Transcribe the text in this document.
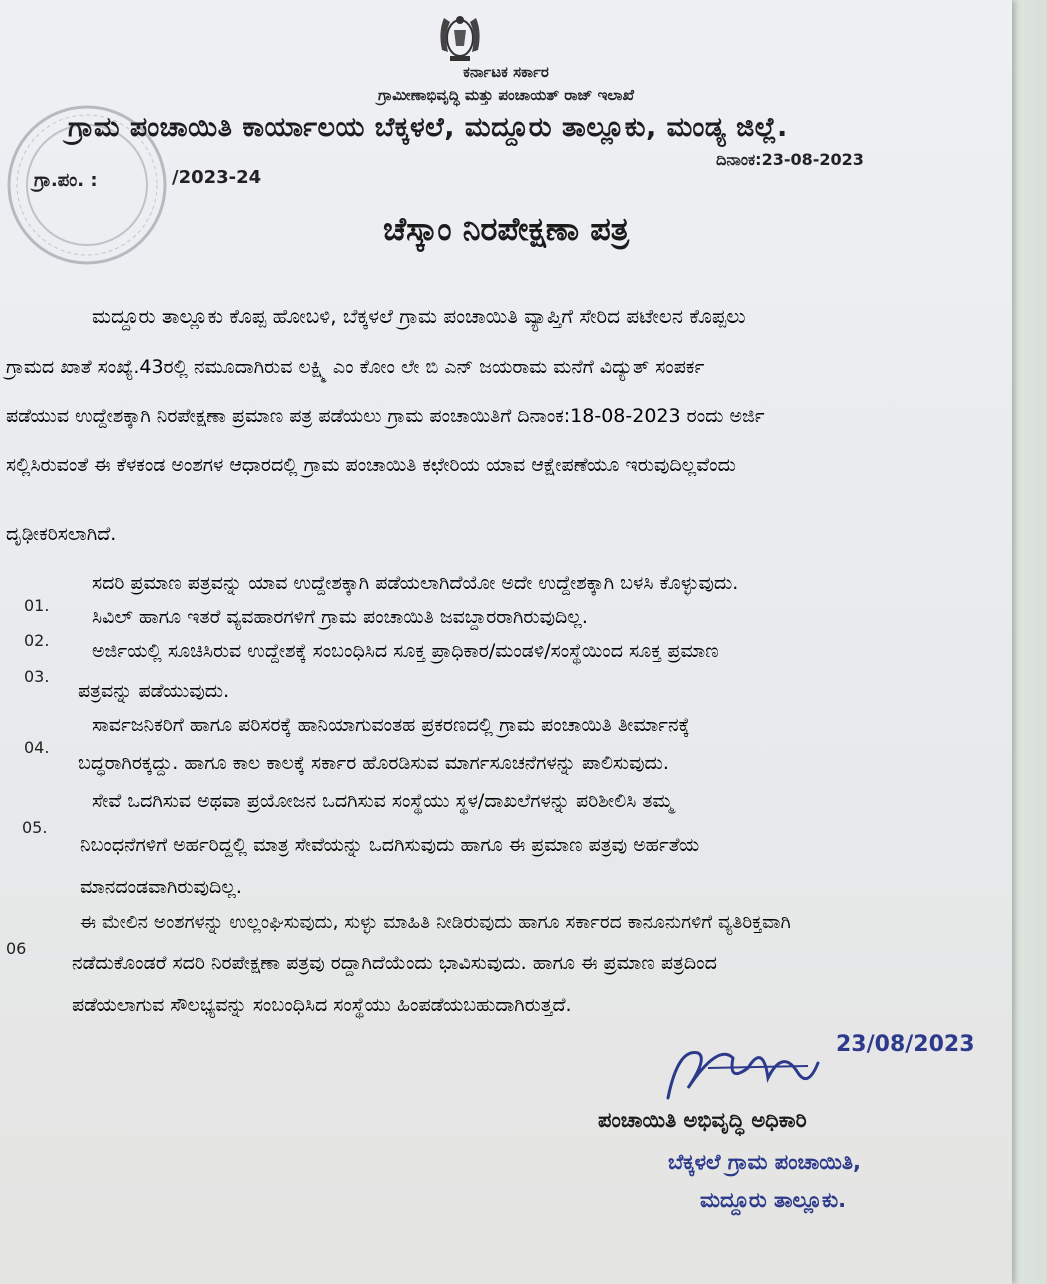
ಕರ್ನಾಟಕ ಸರ್ಕಾರ
ಗ್ರಾಮೀಣಾಭಿವೃದ್ಧಿ ಮತ್ತು ಪಂಚಾಯತ್ ರಾಜ್ ಇಲಾಖೆ
ಗ್ರಾಮ ಪಂಚಾಯಿತಿ ಕಾರ್ಯಾಲಯ ಬೆಕ್ಕಳಲೆ, ಮದ್ದೂರು ತಾಲ್ಲೂಕು, ಮಂಡ್ಯ ಜಿಲ್ಲೆ.
ದಿನಾಂಕ:23-08-2023
ಗ್ರಾ.ಪಂ. :	/2023-24
ಚೆಸ್ಕಾಂ ನಿರಪೇಕ್ಷಣಾ ಪತ್ರ
ಮದ್ದೂರು ತಾಲ್ಲೂಕು ಕೊಪ್ಪ ಹೋಬಳಿ, ಬೆಕ್ಕಳಲೆ ಗ್ರಾಮ ಪಂಚಾಯಿತಿ ವ್ಯಾಪ್ತಿಗೆ ಸೇರಿದ ಪಟೇಲನ ಕೊಪ್ಪಲು
ಗ್ರಾಮದ ಖಾತೆ ಸಂಖ್ಯೆ.43ರಲ್ಲಿ ನಮೂದಾಗಿರುವ ಲಕ್ಷ್ಮಿ ಎಂ ಕೋಂ ಲೇ ಬಿ ಎನ್ ಜಯರಾಮ ಮನೆಗೆ ವಿದ್ಯುತ್ ಸಂಪರ್ಕ
ಪಡೆಯುವ ಉದ್ದೇಶಕ್ಕಾಗಿ ನಿರಪೇಕ್ಷಣಾ ಪ್ರಮಾಣ ಪತ್ರ ಪಡೆಯಲು ಗ್ರಾಮ ಪಂಚಾಯಿತಿಗೆ ದಿನಾಂಕ:18-08-2023 ರಂದು ಅರ್ಜಿ
ಸಲ್ಲಿಸಿರುವಂತೆ ಈ ಕೆಳಕಂಡ ಅಂಶಗಳ ಆಧಾರದಲ್ಲಿ ಗ್ರಾಮ ಪಂಚಾಯಿತಿ ಕಛೇರಿಯ ಯಾವ ಆಕ್ಷೇಪಣೆಯೂ ಇರುವುದಿಲ್ಲವೆಂದು
ದೃಢೀಕರಿಸಲಾಗಿದೆ.
01.
ಸದರಿ ಪ್ರಮಾಣ ಪತ್ರವನ್ನು ಯಾವ ಉದ್ದೇಶಕ್ಕಾಗಿ ಪಡೆಯಲಾಗಿದೆಯೋ ಅದೇ ಉದ್ದೇಶಕ್ಕಾಗಿ ಬಳಸಿ ಕೊಳ್ಳುವುದು.
02.
ಸಿವಿಲ್ ಹಾಗೂ ಇತರೆ ವ್ಯವಹಾರಗಳಿಗೆ ಗ್ರಾಮ ಪಂಚಾಯಿತಿ ಜವಬ್ದಾರರಾಗಿರುವುದಿಲ್ಲ.
03.
ಅರ್ಜಿಯಲ್ಲಿ ಸೂಚಿಸಿರುವ ಉದ್ದೇಶಕ್ಕೆ ಸಂಬಂಧಿಸಿದ ಸೂಕ್ತ ಪ್ರಾಧಿಕಾರ/ಮಂಡಳಿ/ಸಂಸ್ಥೆಯಿಂದ ಸೂಕ್ತ ಪ್ರಮಾಣ
ಪತ್ರವನ್ನು ಪಡೆಯುವುದು.
04.
ಸಾರ್ವಜನಿಕರಿಗೆ ಹಾಗೂ ಪರಿಸರಕ್ಕೆ ಹಾನಿಯಾಗುವಂತಹ ಪ್ರಕರಣದಲ್ಲಿ ಗ್ರಾಮ ಪಂಚಾಯಿತಿ ತೀರ್ಮಾನಕ್ಕೆ
ಬದ್ಧರಾಗಿರಕ್ಕದ್ದು. ಹಾಗೂ ಕಾಲ ಕಾಲಕ್ಕೆ ಸರ್ಕಾರ ಹೊರಡಿಸುವ ಮಾರ್ಗಸೂಚನೆಗಳನ್ನು ಪಾಲಿಸುವುದು.
05.
ಸೇವೆ ಒದಗಿಸುವ ಅಥವಾ ಪ್ರಯೋಜನ ಒದಗಿಸುವ ಸಂಸ್ಥೆಯು ಸ್ಥಳ/ದಾಖಲೆಗಳನ್ನು ಪರಿಶೀಲಿಸಿ ತಮ್ಮ
ನಿಬಂಧನೆಗಳಿಗೆ ಅರ್ಹರಿದ್ದಲ್ಲಿ ಮಾತ್ರ ಸೇವೆಯನ್ನು ಒದಗಿಸುವುದು ಹಾಗೂ ಈ ಪ್ರಮಾಣ ಪತ್ರವು ಅರ್ಹತೆಯ
ಮಾನದಂಡವಾಗಿರುವುದಿಲ್ಲ.
06
ಈ ಮೇಲಿನ ಅಂಶಗಳನ್ನು ಉಲ್ಲಂಘಿಸುವುದು, ಸುಳ್ಳು ಮಾಹಿತಿ ನೀಡಿರುವುದು ಹಾಗೂ ಸರ್ಕಾರದ ಕಾನೂನುಗಳಿಗೆ ವ್ಯತಿರಿಕ್ತವಾಗಿ
ನಡೆದುಕೊಂಡರೆ ಸದರಿ ನಿರಪೇಕ್ಷಣಾ ಪತ್ರವು ರದ್ದಾಗಿದೆಯೆಂದು ಭಾವಿಸುವುದು. ಹಾಗೂ ಈ ಪ್ರಮಾಣ ಪತ್ರದಿಂದ
ಪಡೆಯಲಾಗುವ ಸೌಲಭ್ಯವನ್ನು ಸಂಬಂಧಿಸಿದ ಸಂಸ್ಥೆಯು ಹಿಂಪಡೆಯಬಹುದಾಗಿರುತ್ತದೆ.
23/08/2023
ಪಂಚಾಯಿತಿ ಅಭಿವೃದ್ಧಿ ಅಧಿಕಾರಿ
ಬೆಕ್ಕಳಲೆ ಗ್ರಾಮ ಪಂಚಾಯಿತಿ,
ಮದ್ದೂರು ತಾಲ್ಲೂಕು.
